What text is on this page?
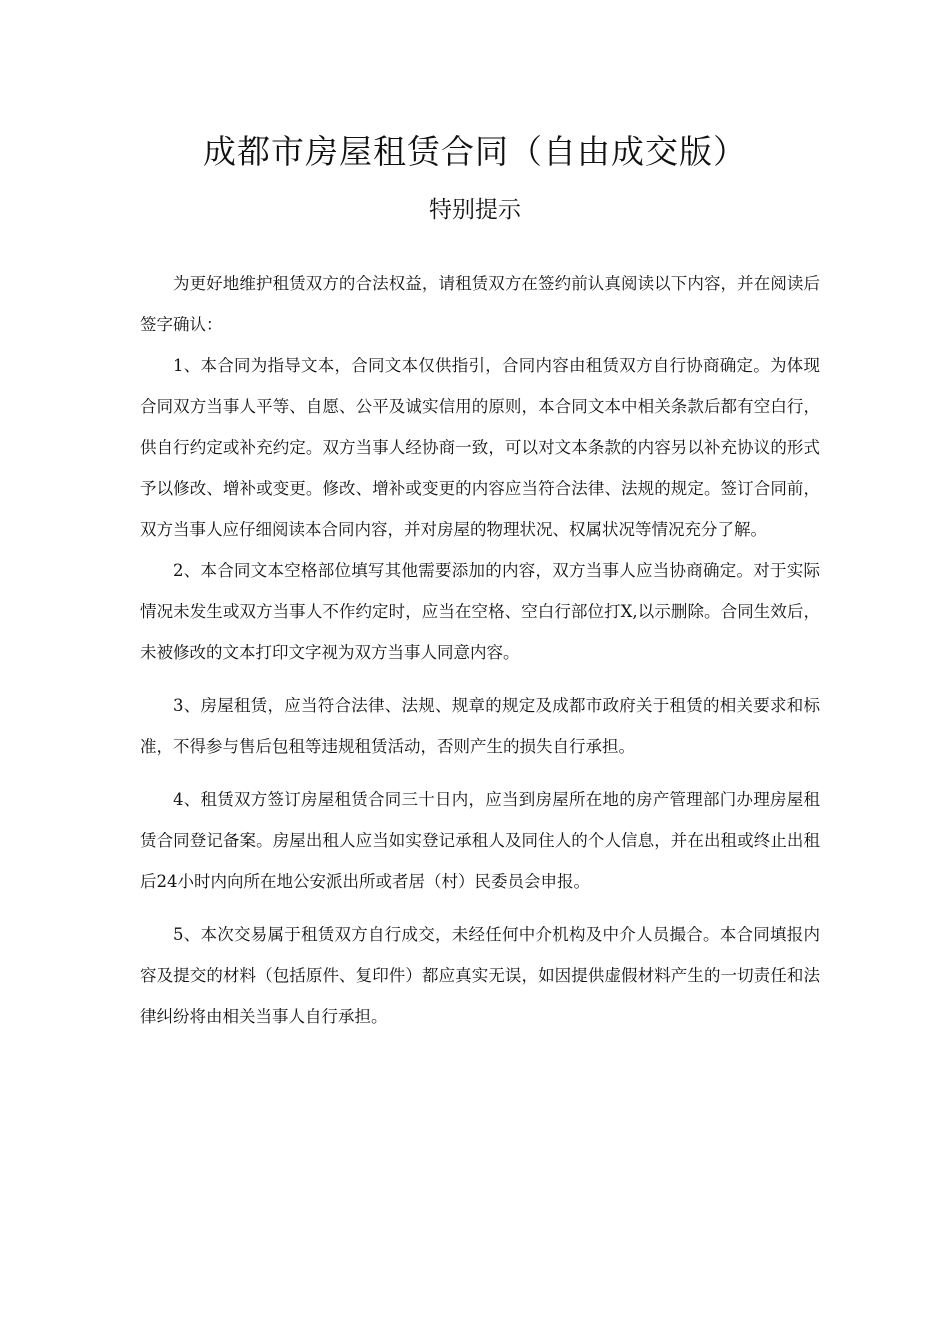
成都市房屋租赁合同（自由成交版）
特别提示

为更好地维护租赁双方的合法权益，请租赁双方在签约前认真阅读以下内容，并在阅读后签字确认：

1、本合同为指导文本，合同文本仅供指引，合同内容由租赁双方自行协商确定。为体现合同双方当事人平等、自愿、公平及诚实信用的原则，本合同文本中相关条款后都有空白行，供自行约定或补充约定。双方当事人经协商一致，可以对文本条款的内容另以补充协议的形式予以修改、增补或变更。修改、增补或变更的内容应当符合法律、法规的规定。签订合同前，双方当事人应仔细阅读本合同内容，并对房屋的物理状况、权属状况等情况充分了解。

2、本合同文本空格部位填写其他需要添加的内容，双方当事人应当协商确定。对于实际情况未发生或双方当事人不作约定时，应当在空格、空白行部位打X,以示删除。合同生效后，未被修改的文本打印文字视为双方当事人同意内容。

3、房屋租赁，应当符合法律、法规、规章的规定及成都市政府关于租赁的相关要求和标准，不得参与售后包租等违规租赁活动，否则产生的损失自行承担。

4、租赁双方签订房屋租赁合同三十日内，应当到房屋所在地的房产管理部门办理房屋租赁合同登记备案。房屋出租人应当如实登记承租人及同住人的个人信息，并在出租或终止出租后24小时内向所在地公安派出所或者居（村）民委员会申报。

5、本次交易属于租赁双方自行成交，未经任何中介机构及中介人员撮合。本合同填报内容及提交的材料（包括原件、复印件）都应真实无误，如因提供虚假材料产生的一切责任和法律纠纷将由相关当事人自行承担。
